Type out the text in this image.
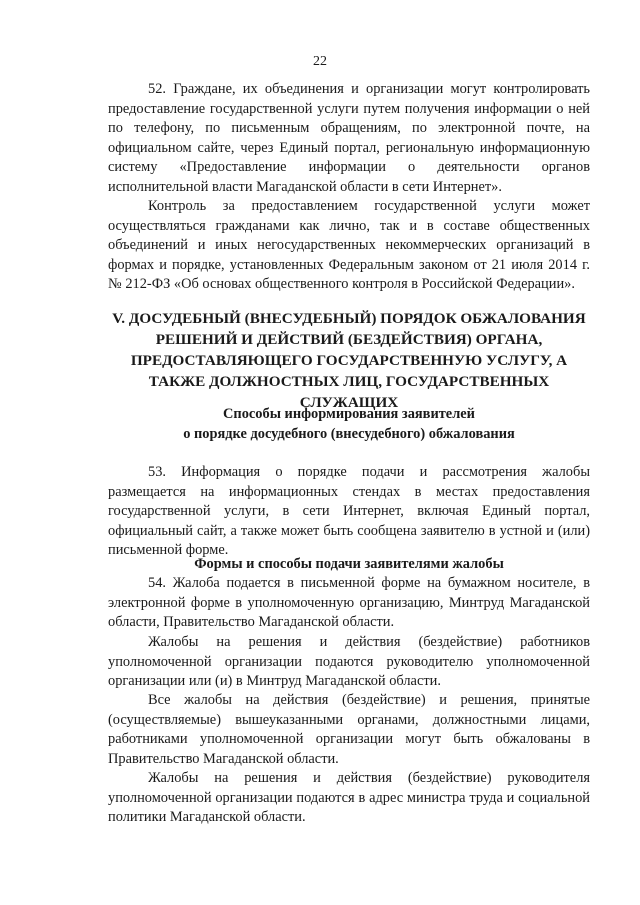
22

52. Граждане, их объединения и организации могут контролировать предоставление государственной услуги путем получения информации о ней по телефону, по письменным обращениям, по электронной почте, на официальном сайте, через Единый портал, региональную информационную систему «Предоставление информации о деятельности органов исполнительной власти Магаданской области в сети Интернет».

Контроль за предоставлением государственной услуги может осуществляться гражданами как лично, так и в составе общественных объединений и иных негосударственных некоммерческих организаций в формах и порядке, установленных Федеральным законом от 21 июля 2014 г. № 212-ФЗ «Об основах общественного контроля в Российской Федерации».

V. ДОСУДЕБНЫЙ (ВНЕСУДЕБНЫЙ) ПОРЯДОК ОБЖАЛОВАНИЯ РЕШЕНИЙ И ДЕЙСТВИЙ (БЕЗДЕЙСТВИЯ) ОРГАНА, ПРЕДОСТАВЛЯЮЩЕГО ГОСУДАРСТВЕННУЮ УСЛУГУ, А ТАКЖЕ ДОЛЖНОСТНЫХ ЛИЦ, ГОСУДАРСТВЕННЫХ СЛУЖАЩИХ

Способы информирования заявителей

о порядке досудебного (внесудебного) обжалования

53. Информация о порядке подачи и рассмотрения жалобы размещается на информационных стендах в местах предоставления государственной услуги, в сети Интернет, включая Единый портал, официальный сайт, а также может быть сообщена заявителю в устной и (или) письменной форме.

Формы и способы подачи заявителями жалобы

54. Жалоба подается в письменной форме на бумажном носителе, в электронной форме в уполномоченную организацию, Минтруд Магаданской области, Правительство Магаданской области.

Жалобы на решения и действия (бездействие) работников уполномоченной организации подаются руководителю уполномоченной организации или (и) в Минтруд Магаданской области.

Все жалобы на действия (бездействие) и решения, принятые (осуществляемые) вышеуказанными органами, должностными лицами, работниками уполномоченной организации могут быть обжалованы в Правительство Магаданской области.

Жалобы на решения и действия (бездействие) руководителя уполномоченной организации подаются в адрес министра труда и социальной политики Магаданской области.
